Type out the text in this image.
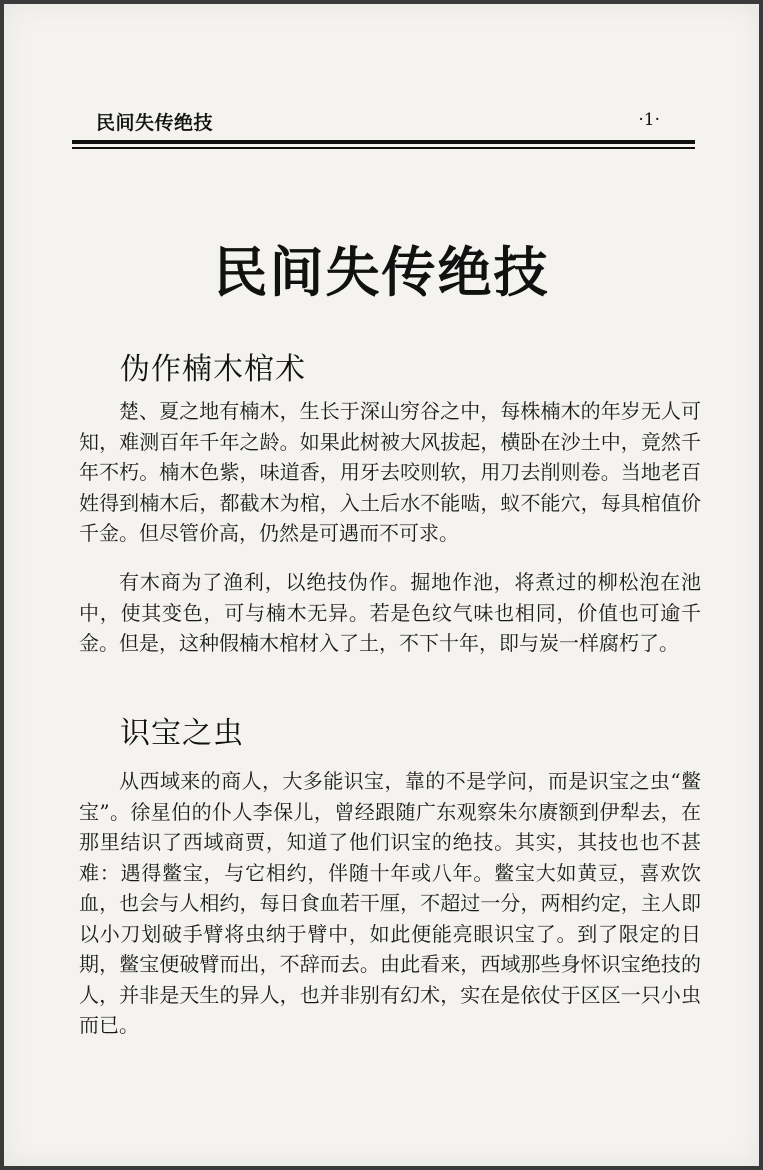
民间失传绝技	·1·
民间失传绝技
伪作楠木棺术

楚、夏之地有楠木，生长于深山穷谷之中，每株楠木的年岁无人可知，难测百年千年之龄。如果此树被大风拔起，横卧在沙土中，竟然千年不朽。楠木色紫，味道香，用牙去咬则软，用刀去削则卷。当地老百姓得到楠木后，都截木为棺，入土后水不能啮，蚁不能穴，每具棺值价千金。但尽管价高，仍然是可遇而不可求。

有木商为了渔利，以绝技伪作。掘地作池，将煮过的柳松泡在池中，使其变色，可与楠木无异。若是色纹气味也相同，价值也可逾千金。但是，这种假楠木棺材入了土，不下十年，即与炭一样腐朽了。

识宝之虫

从西域来的商人，大多能识宝，靠的不是学问，而是识宝之虫“鳖宝”。徐星伯的仆人李保儿，曾经跟随广东观察朱尔赓额到伊犁去，在那里结识了西域商贾，知道了他们识宝的绝技。其实，其技也也不甚难：遇得鳖宝，与它相约，伴随十年或八年。鳖宝大如黄豆，喜欢饮血，也会与人相约，每日食血若干厘，不超过一分，两相约定，主人即以小刀划破手臂将虫纳于臂中，如此便能亮眼识宝了。到了限定的日期，鳖宝便破臂而出，不辞而去。由此看来，西域那些身怀识宝绝技的人，并非是天生的异人，也并非别有幻术，实在是依仗于区区一只小虫而已。
